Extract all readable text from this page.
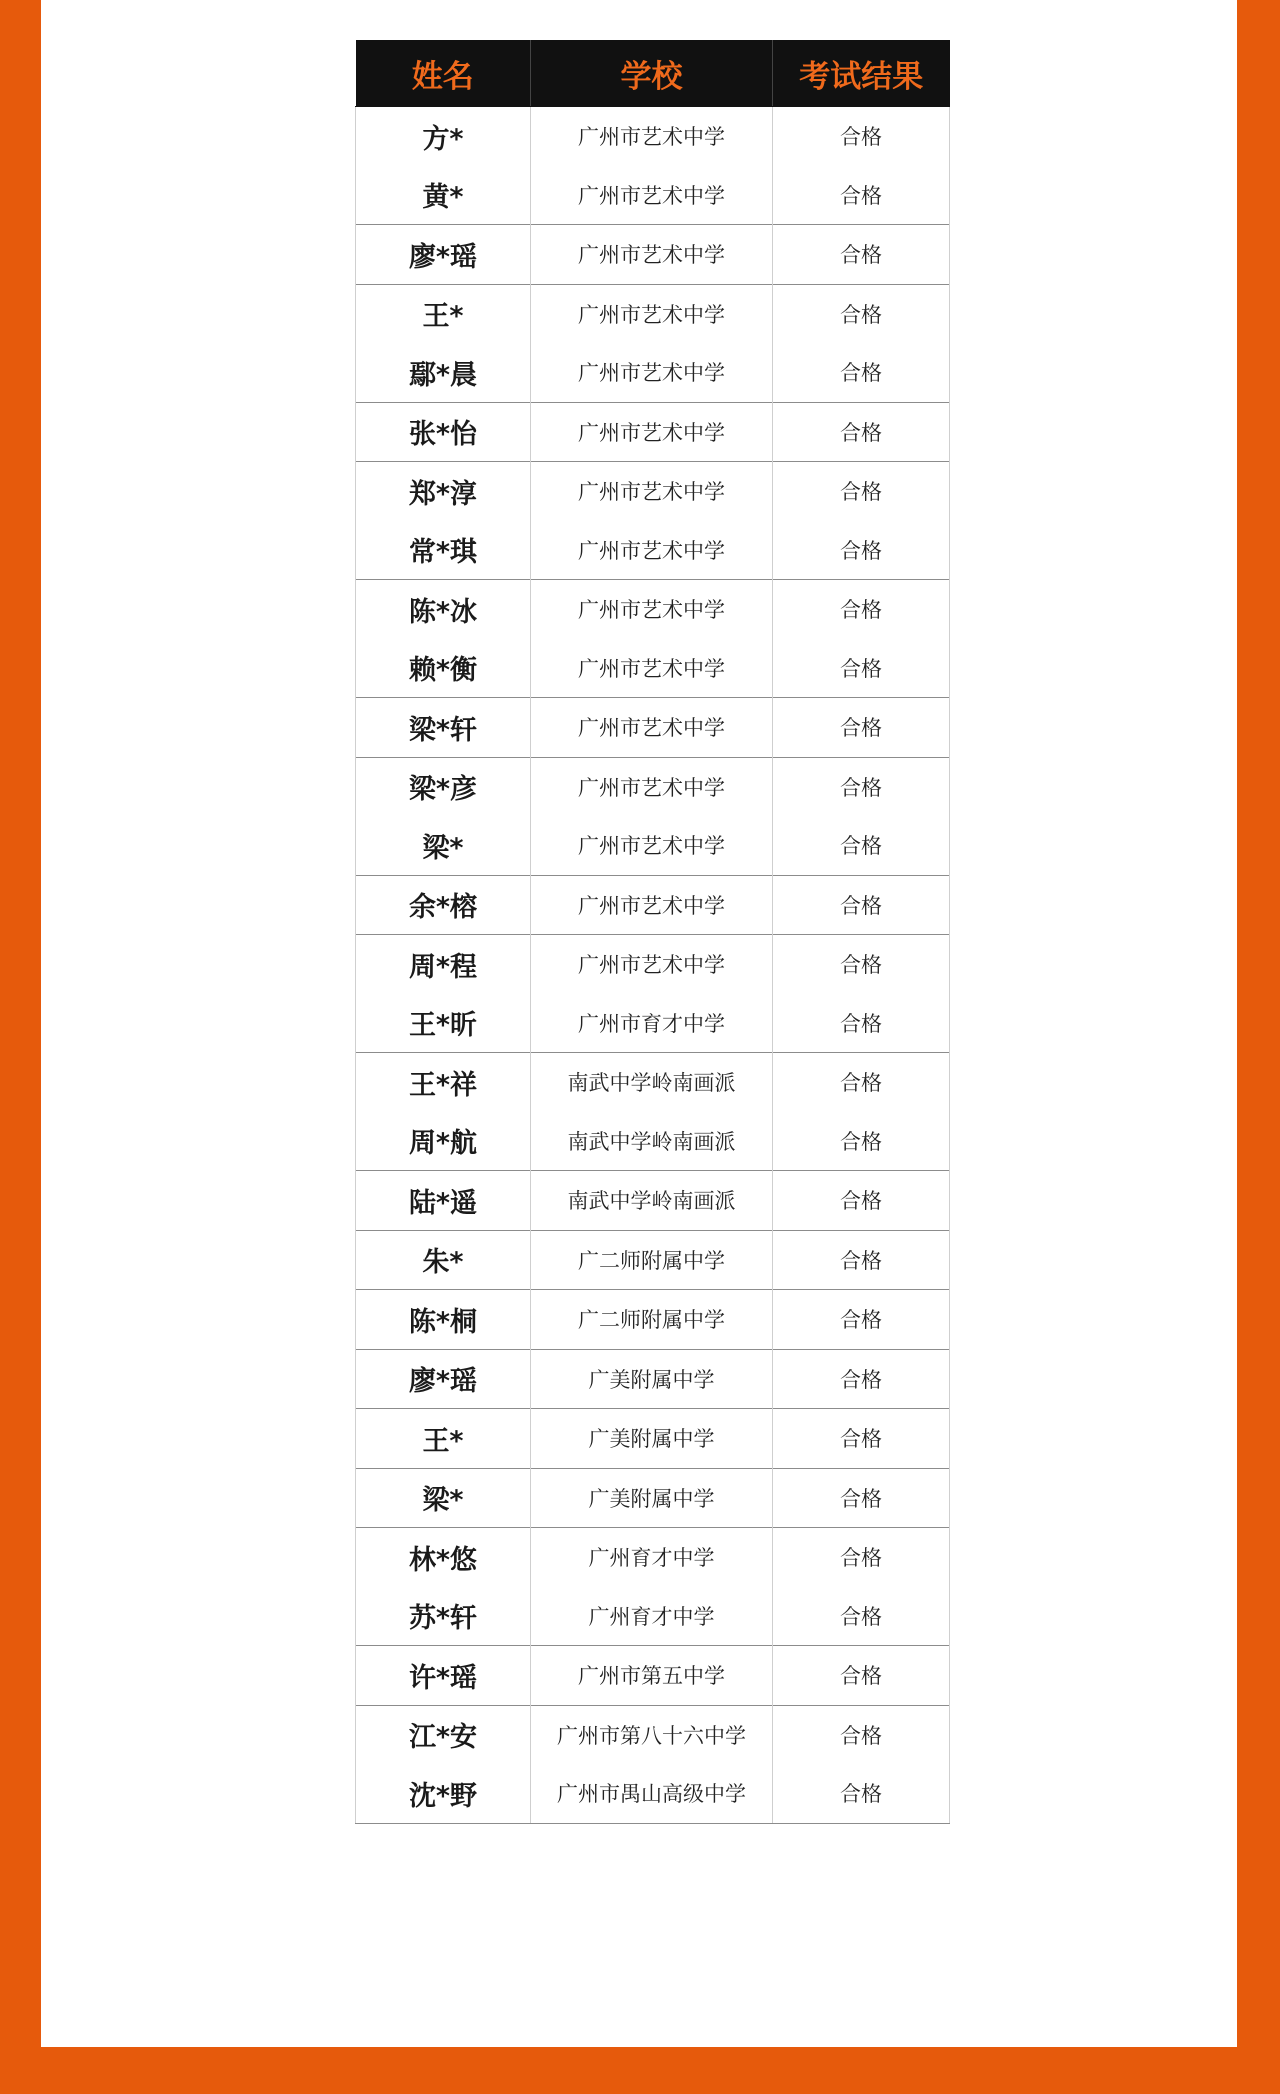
姓名	学校	考试结果
方*	广州市艺术中学	合格
黄*	广州市艺术中学	合格
廖*瑶	广州市艺术中学	合格
王*	广州市艺术中学	合格
鄢*晨	广州市艺术中学	合格
张*怡	广州市艺术中学	合格
郑*淳	广州市艺术中学	合格
常*琪	广州市艺术中学	合格
陈*冰	广州市艺术中学	合格
赖*衡	广州市艺术中学	合格
梁*轩	广州市艺术中学	合格
梁*彦	广州市艺术中学	合格
梁*	广州市艺术中学	合格
余*榕	广州市艺术中学	合格
周*程	广州市艺术中学	合格
王*昕	广州市育才中学	合格
王*祥	南武中学岭南画派	合格
周*航	南武中学岭南画派	合格
陆*遥	南武中学岭南画派	合格
朱*	广二师附属中学	合格
陈*桐	广二师附属中学	合格
廖*瑶	广美附属中学	合格
王*	广美附属中学	合格
梁*	广美附属中学	合格
林*悠	广州育才中学	合格
苏*轩	广州育才中学	合格
许*瑶	广州市第五中学	合格
江*安	广州市第八十六中学	合格
沈*野	广州市禺山高级中学	合格
